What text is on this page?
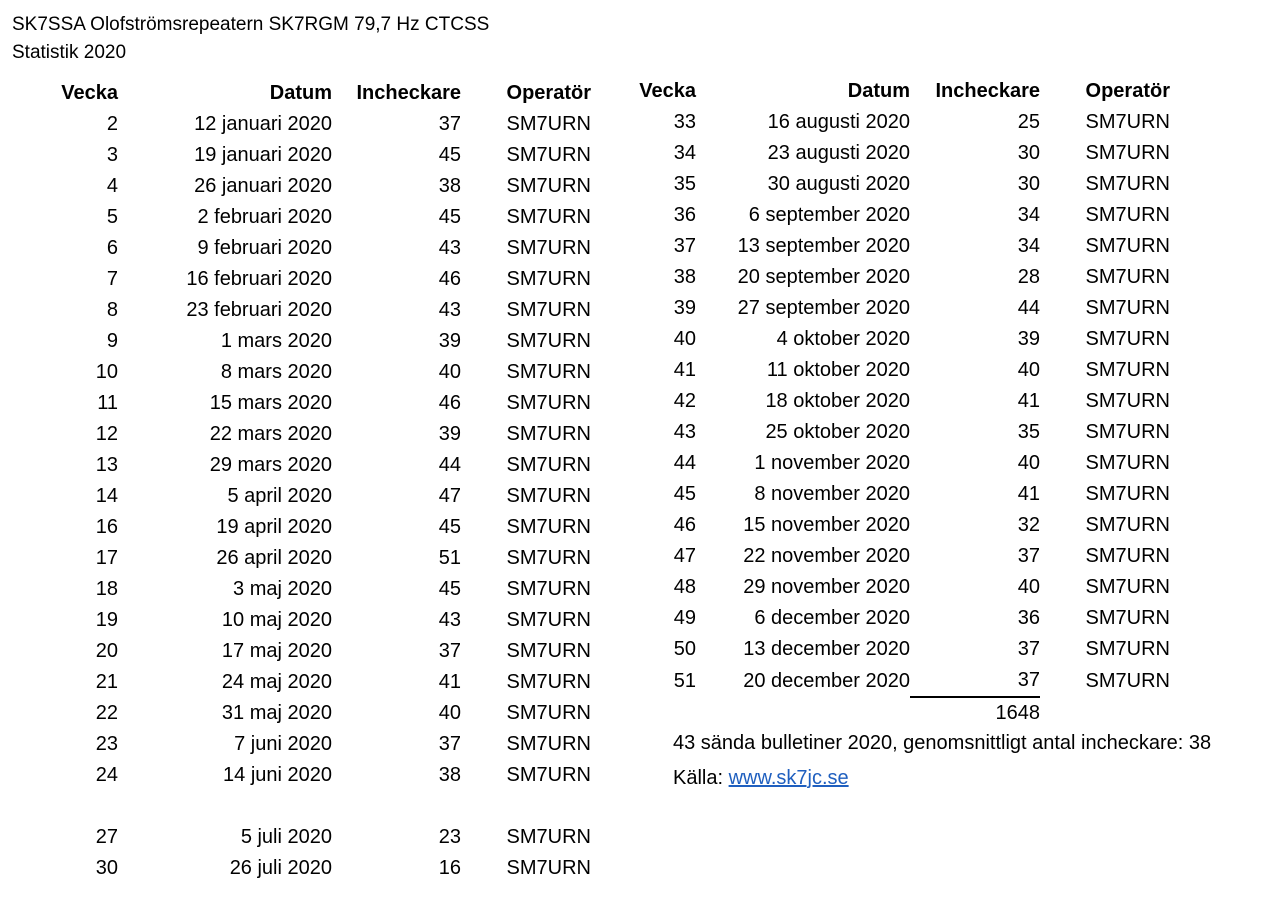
SK7SSA Olofströmsrepeatern SK7RGM 79,7 Hz CTCSS
Statistik 2020
Vecka	Datum	Incheckare	Operatör
2	12 januari 2020	37	SM7URN
3	19 januari 2020	45	SM7URN
4	26 januari 2020	38	SM7URN
5	2 februari 2020	45	SM7URN
6	9 februari 2020	43	SM7URN
7	16 februari 2020	46	SM7URN
8	23 februari 2020	43	SM7URN
9	1 mars 2020	39	SM7URN
10	8 mars 2020	40	SM7URN
11	15 mars 2020	46	SM7URN
12	22 mars 2020	39	SM7URN
13	29 mars 2020	44	SM7URN
14	5 april 2020	47	SM7URN
16	19 april 2020	45	SM7URN
17	26 april 2020	51	SM7URN
18	3 maj 2020	45	SM7URN
19	10 maj 2020	43	SM7URN
20	17 maj 2020	37	SM7URN
21	24 maj 2020	41	SM7URN
22	31 maj 2020	40	SM7URN
23	7 juni 2020	37	SM7URN
24	14 juni 2020	38	SM7URN

27	5 juli 2020	23	SM7URN
30	26 juli 2020	16	SM7URN
Vecka	Datum	Incheckare	Operatör
33	16 augusti 2020	25	SM7URN
34	23 augusti 2020	30	SM7URN
35	30 augusti 2020	30	SM7URN
36	6 september 2020	34	SM7URN
37	13 september 2020	34	SM7URN
38	20 september 2020	28	SM7URN
39	27 september 2020	44	SM7URN
40	4 oktober 2020	39	SM7URN
41	11 oktober 2020	40	SM7URN
42	18 oktober 2020	41	SM7URN
43	25 oktober 2020	35	SM7URN
44	1 november 2020	40	SM7URN
45	8 november 2020	41	SM7URN
46	15 november 2020	32	SM7URN
47	22 november 2020	37	SM7URN
48	29 november 2020	40	SM7URN
49	6 december 2020	36	SM7URN
50	13 december 2020	37	SM7URN
51	20 december 2020	37	SM7URN
		1648	
43 sända bulletiner 2020, genomsnittligt antal incheckare: 38
Källa: www.sk7jc.se
